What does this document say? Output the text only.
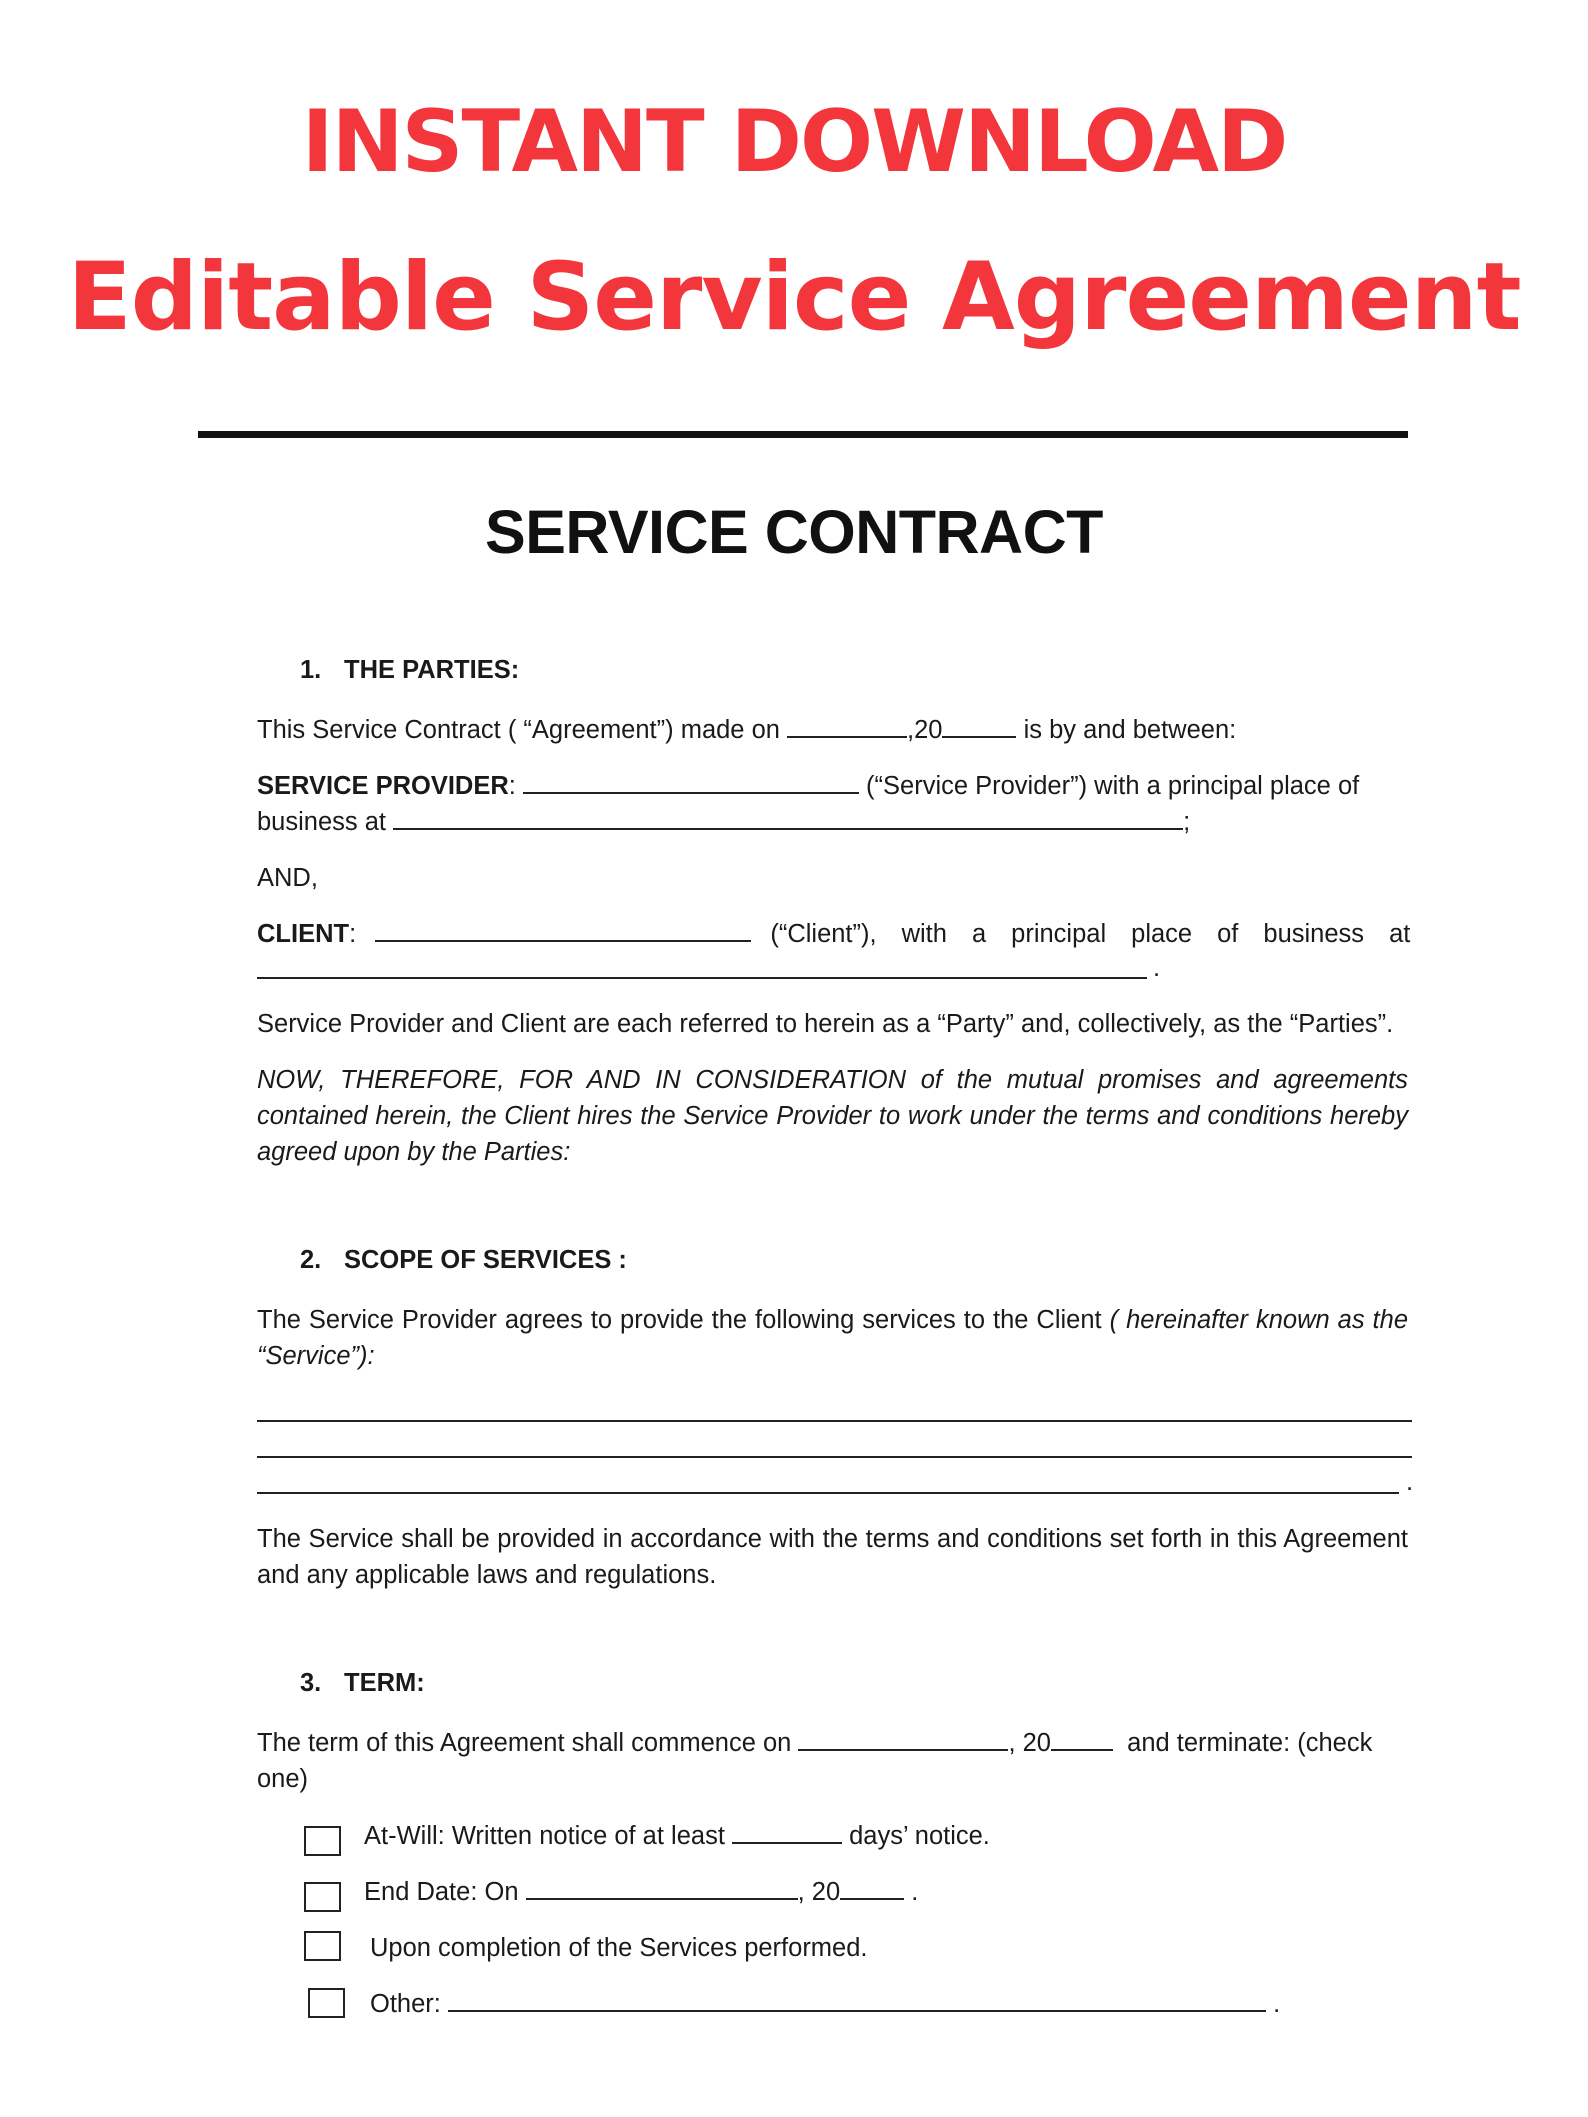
INSTANT DOWNLOAD
Editable Service Agreement
SERVICE CONTRACT
1. THE PARTIES:
This Service Contract ( “Agreement”) made on	,20	is by and between:
SERVICE PROVIDER:	(“Service Provider”) with a principal place of
business at	;
AND,
CLIENT:	(“Client”), with a principal place of business at
.
Service Provider and Client are each referred to herein as a “Party” and, collectively, as the “Parties”.
NOW, THEREFORE, FOR AND IN CONSIDERATION of the mutual promises and agreements contained herein, the Client hires the Service Provider to work under the terms and conditions hereby agreed upon by the Parties:
2. SCOPE OF SERVICES :
The Service Provider agrees to provide the following services to the Client ( hereinafter known as the “Service”):
.
The Service shall be provided in accordance with the terms and conditions set forth in this Agreement and any applicable laws and regulations.
3. TERM:
The term of this Agreement shall commence on	, 20	and terminate: (check one)
At-Will: Written notice of at least	days’ notice.
End Date: On	, 20	.
Upon completion of the Services performed.
Other:	.
